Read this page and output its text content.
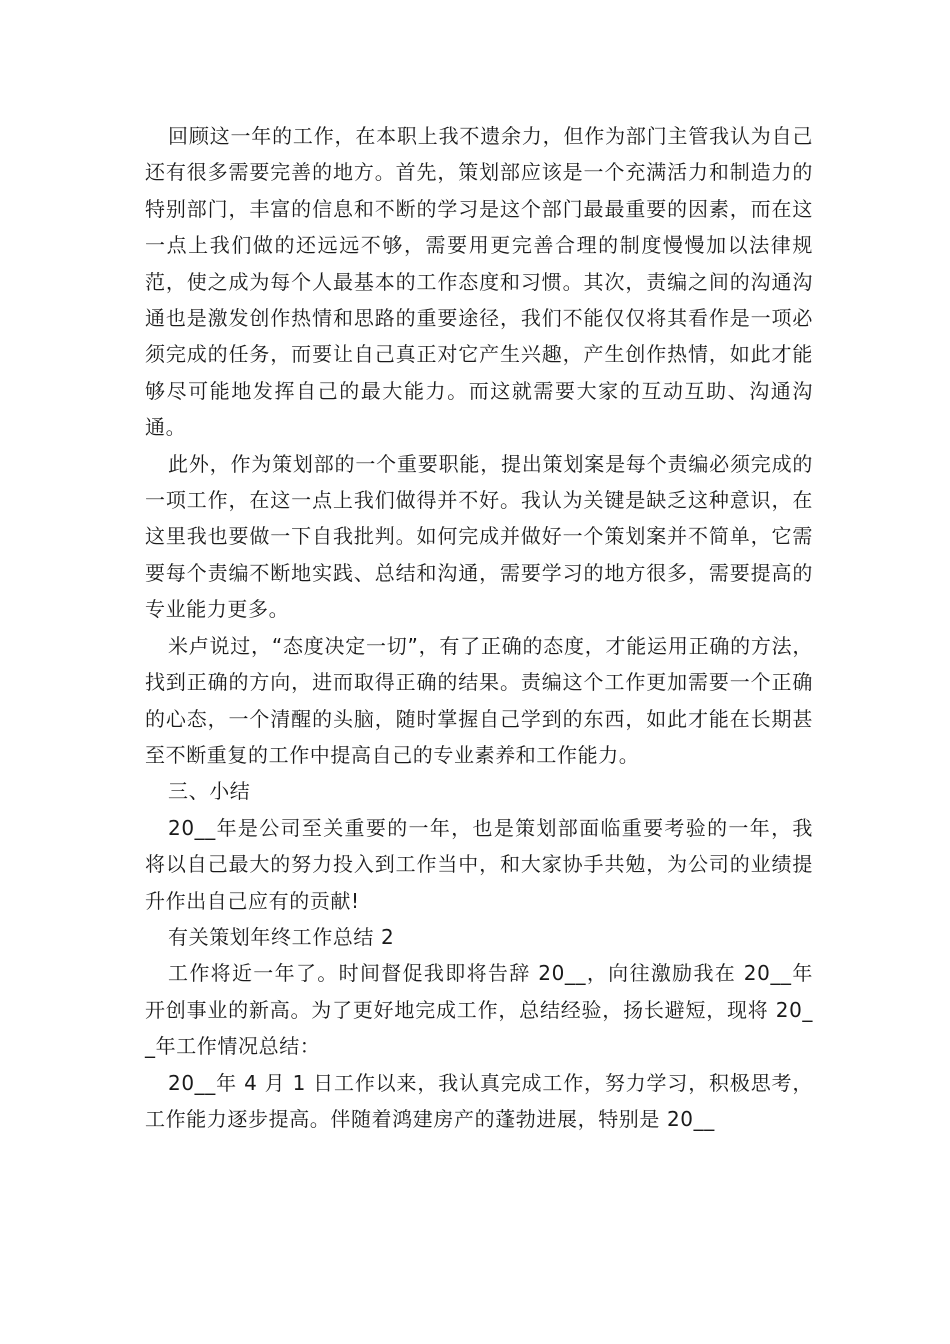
回顾这一年的工作，在本职上我不遗余力，但作为部门主管我认为自己还有很多需要完善的地方。首先，策划部应该是一个充满活力和制造力的特别部门，丰富的信息和不断的学习是这个部门最最重要的因素，而在这一点上我们做的还远远不够，需要用更完善合理的制度慢慢加以法律规范，使之成为每个人最基本的工作态度和习惯。其次，责编之间的沟通沟通也是激发创作热情和思路的重要途径，我们不能仅仅将其看作是一项必须完成的任务，而要让自己真正对它产生兴趣，产生创作热情，如此才能够尽可能地发挥自己的最大能力。而这就需要大家的互动互助、沟通沟通。

此外，作为策划部的一个重要职能，提出策划案是每个责编必须完成的一项工作，在这一点上我们做得并不好。我认为关键是缺乏这种意识，在这里我也要做一下自我批判。如何完成并做好一个策划案并不简单，它需要每个责编不断地实践、总结和沟通，需要学习的地方很多，需要提高的专业能力更多。

米卢说过，“态度决定一切”，有了正确的态度，才能运用正确的方法，找到正确的方向，进而取得正确的结果。责编这个工作更加需要一个正确的心态，一个清醒的头脑，随时掌握自己学到的东西，如此才能在长期甚至不断重复的工作中提高自己的专业素养和工作能力。

三、小结

20__年是公司至关重要的一年，也是策划部面临重要考验的一年，我将以自己最大的努力投入到工作当中，和大家协手共勉，为公司的业绩提升作出自己应有的贡献!

有关策划年终工作总结 2

工作将近一年了。时间督促我即将告辞 20__，向往激励我在 20__年开创事业的新高。为了更好地完成工作，总结经验，扬长避短，现将 20__年工作情况总结：

20__年 4 月 1 日工作以来，我认真完成工作，努力学习，积极思考，工作能力逐步提高。伴随着鸿建房产的蓬勃进展，特别是 20__
